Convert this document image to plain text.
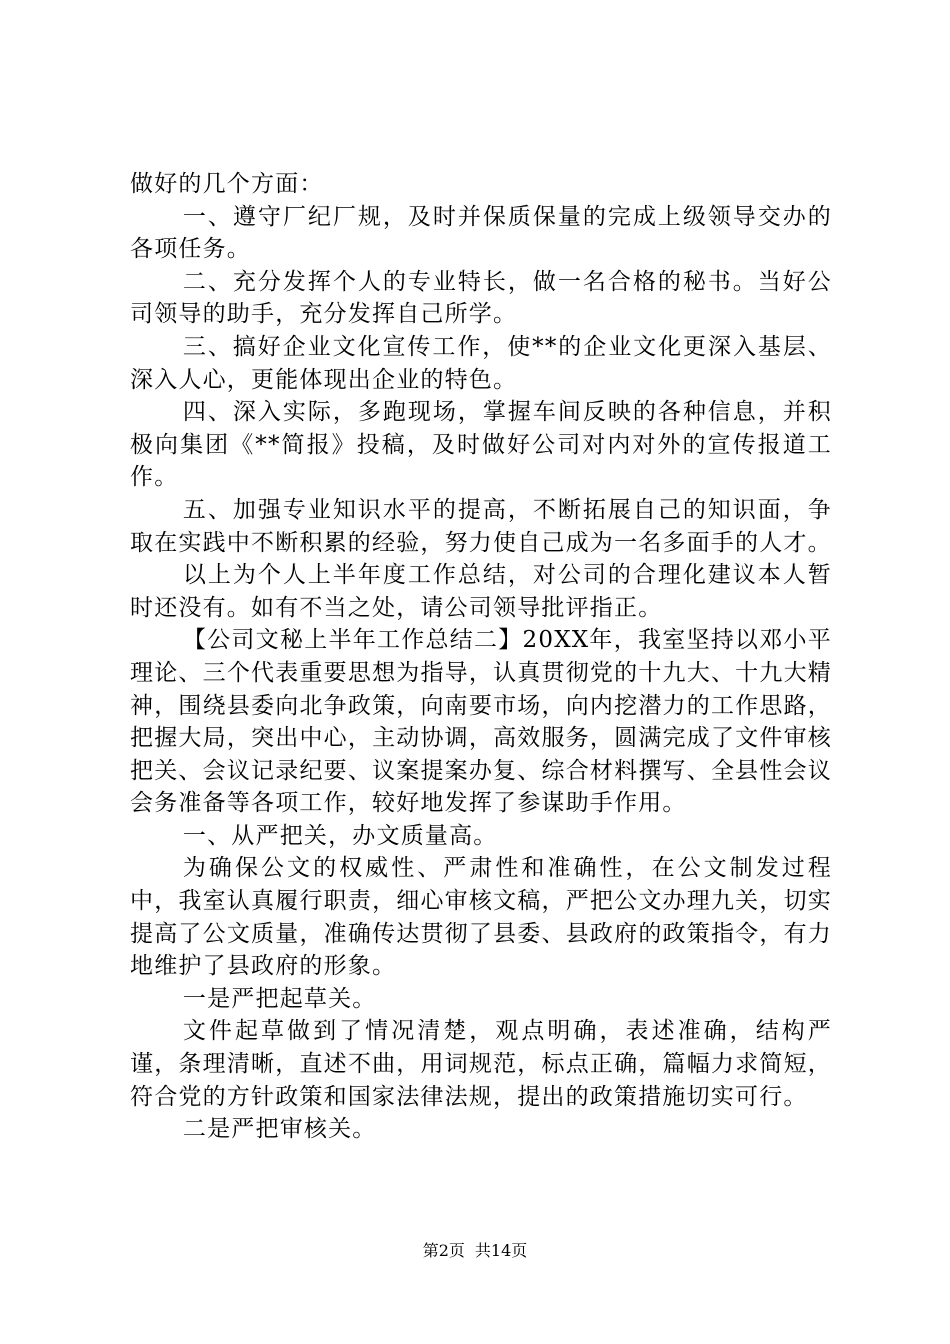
做好的几个方面：

一、遵守厂纪厂规，及时并保质保量的完成上级领导交办的各项任务。

二、充分发挥个人的专业特长，做一名合格的秘书。当好公司领导的助手，充分发挥自己所学。

三、搞好企业文化宣传工作，使**的企业文化更深入基层、深入人心，更能体现出企业的特色。

四、深入实际，多跑现场，掌握车间反映的各种信息，并积极向集团《**简报》投稿，及时做好公司对内对外的宣传报道工作。

五、加强专业知识水平的提高，不断拓展自己的知识面，争取在实践中不断积累的经验，努力使自己成为一名多面手的人才。

以上为个人上半年度工作总结，对公司的合理化建议本人暂时还没有。如有不当之处，请公司领导批评指正。

【公司文秘上半年工作总结二】20XX年，我室坚持以邓小平理论、三个代表重要思想为指导，认真贯彻党的十九大、十九大精神，围绕县委向北争政策，向南要市场，向内挖潜力的工作思路，把握大局，突出中心，主动协调，高效服务，圆满完成了文件审核把关、会议记录纪要、议案提案办复、综合材料撰写、全县性会议会务准备等各项工作，较好地发挥了参谋助手作用。

一、从严把关，办文质量高。

为确保公文的权威性、严肃性和准确性，在公文制发过程中，我室认真履行职责，细心审核文稿，严把公文办理九关，切实提高了公文质量，准确传达贯彻了县委、县政府的政策指令，有力地维护了县政府的形象。

一是严把起草关。

文件起草做到了情况清楚，观点明确，表述准确，结构严谨，条理清晰，直述不曲，用词规范，标点正确，篇幅力求简短，符合党的方针政策和国家法律法规，提出的政策措施切实可行。

二是严把审核关。

第2页 共14页
